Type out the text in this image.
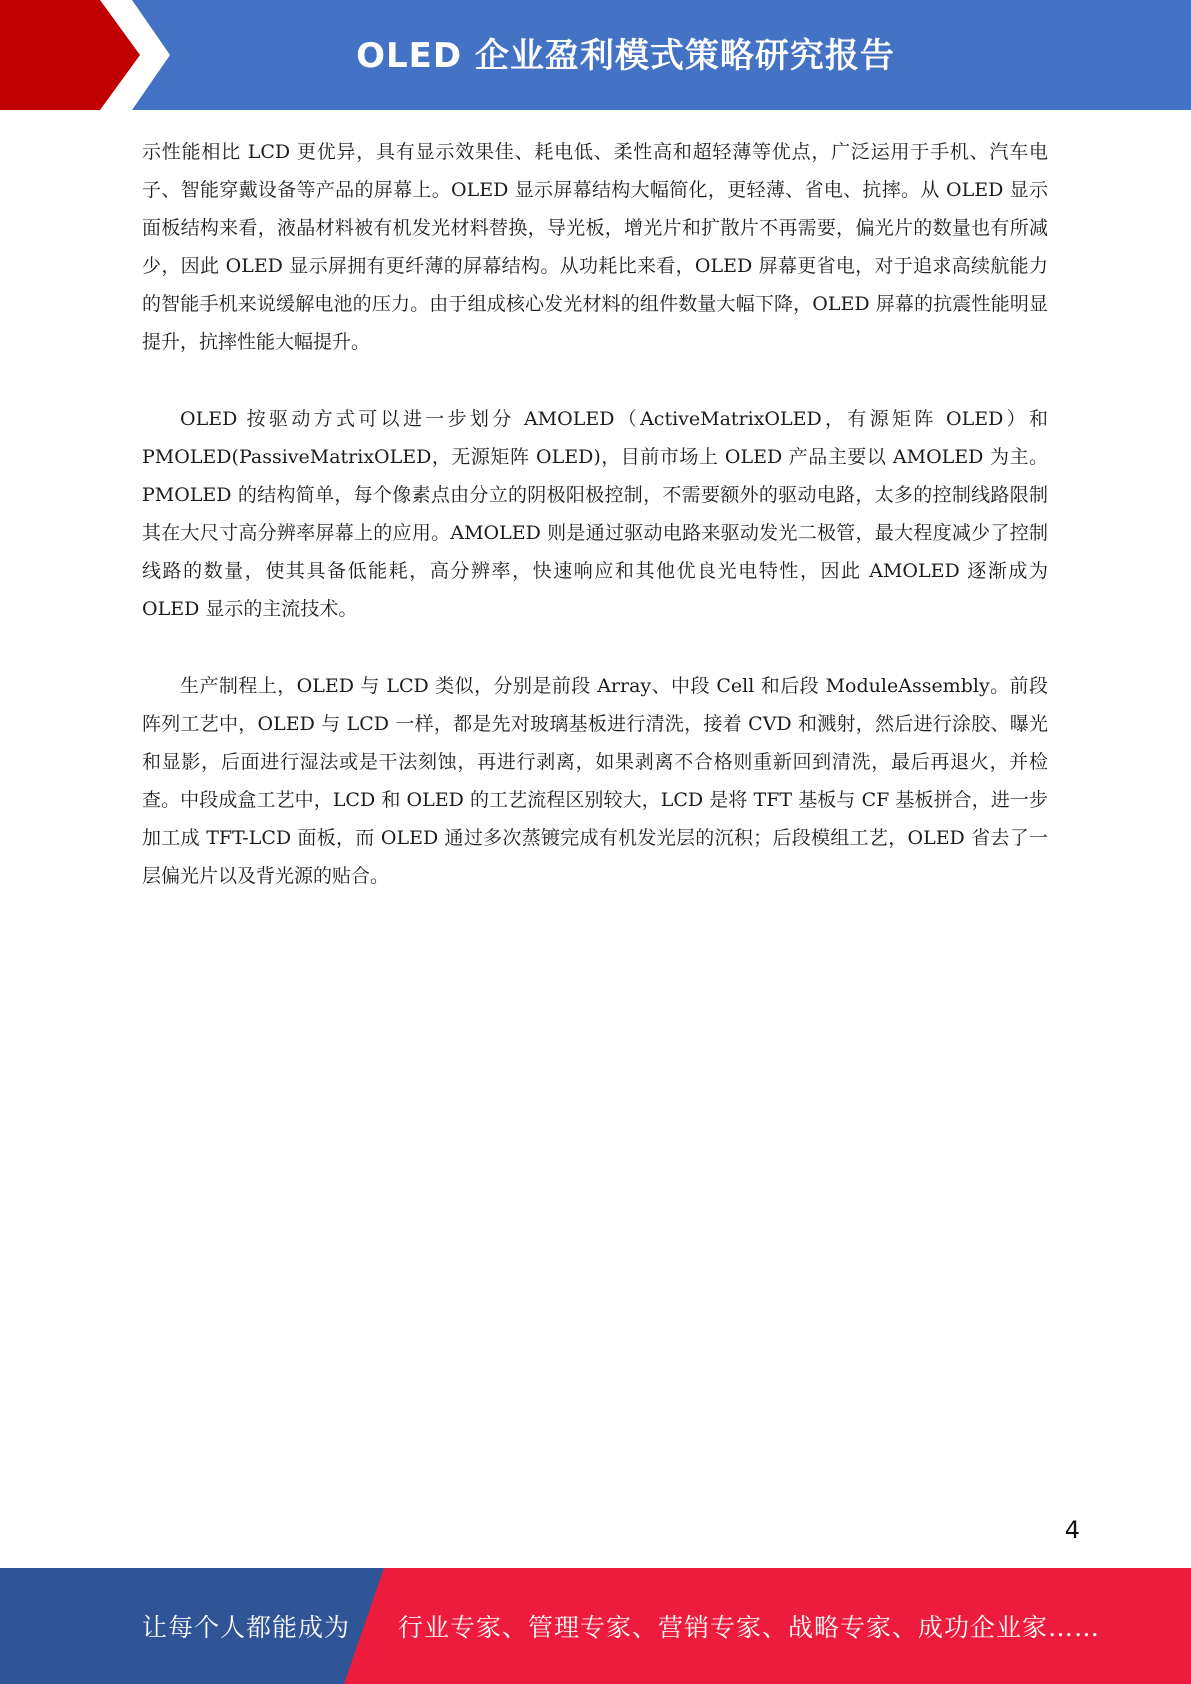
OLED 企业盈利模式策略研究报告

示性能相比 LCD 更优异，具有显示效果佳、耗电低、柔性高和超轻薄等优点，广泛运用于手机、汽车电子、智能穿戴设备等产品的屏幕上。OLED 显示屏幕结构大幅简化，更轻薄、省电、抗摔。从 OLED 显示面板结构来看，液晶材料被有机发光材料替换，导光板，增光片和扩散片不再需要，偏光片的数量也有所减少，因此 OLED 显示屏拥有更纤薄的屏幕结构。从功耗比来看，OLED 屏幕更省电，对于追求高续航能力的智能手机来说缓解电池的压力。由于组成核心发光材料的组件数量大幅下降，OLED 屏幕的抗震性能明显提升，抗摔性能大幅提升。

OLED 按驱动方式可以进一步划分 AMOLED（ActiveMatrixOLED，有源矩阵 OLED）和 PMOLED(PassiveMatrixOLED，无源矩阵 OLED)，目前市场上 OLED 产品主要以 AMOLED 为主。PMOLED 的结构简单，每个像素点由分立的阴极阳极控制，不需要额外的驱动电路，太多的控制线路限制其在大尺寸高分辨率屏幕上的应用。AMOLED 则是通过驱动电路来驱动发光二极管，最大程度减少了控制线路的数量，使其具备低能耗，高分辨率，快速响应和其他优良光电特性，因此 AMOLED 逐渐成为 OLED 显示的主流技术。

生产制程上，OLED 与 LCD 类似，分别是前段 Array、中段 Cell 和后段 ModuleAssembly。前段阵列工艺中，OLED 与 LCD 一样，都是先对玻璃基板进行清洗，接着 CVD 和溅射，然后进行涂胶、曝光和显影，后面进行湿法或是干法刻蚀，再进行剥离，如果剥离不合格则重新回到清洗，最后再退火，并检查。中段成盒工艺中，LCD 和 OLED 的工艺流程区别较大，LCD 是将 TFT 基板与 CF 基板拼合，进一步加工成 TFT-LCD 面板，而 OLED 通过多次蒸镀完成有机发光层的沉积；后段模组工艺，OLED 省去了一层偏光片以及背光源的贴合。

4
让每个人都能成为 行业专家、管理专家、营销专家、战略专家、成功企业家……
